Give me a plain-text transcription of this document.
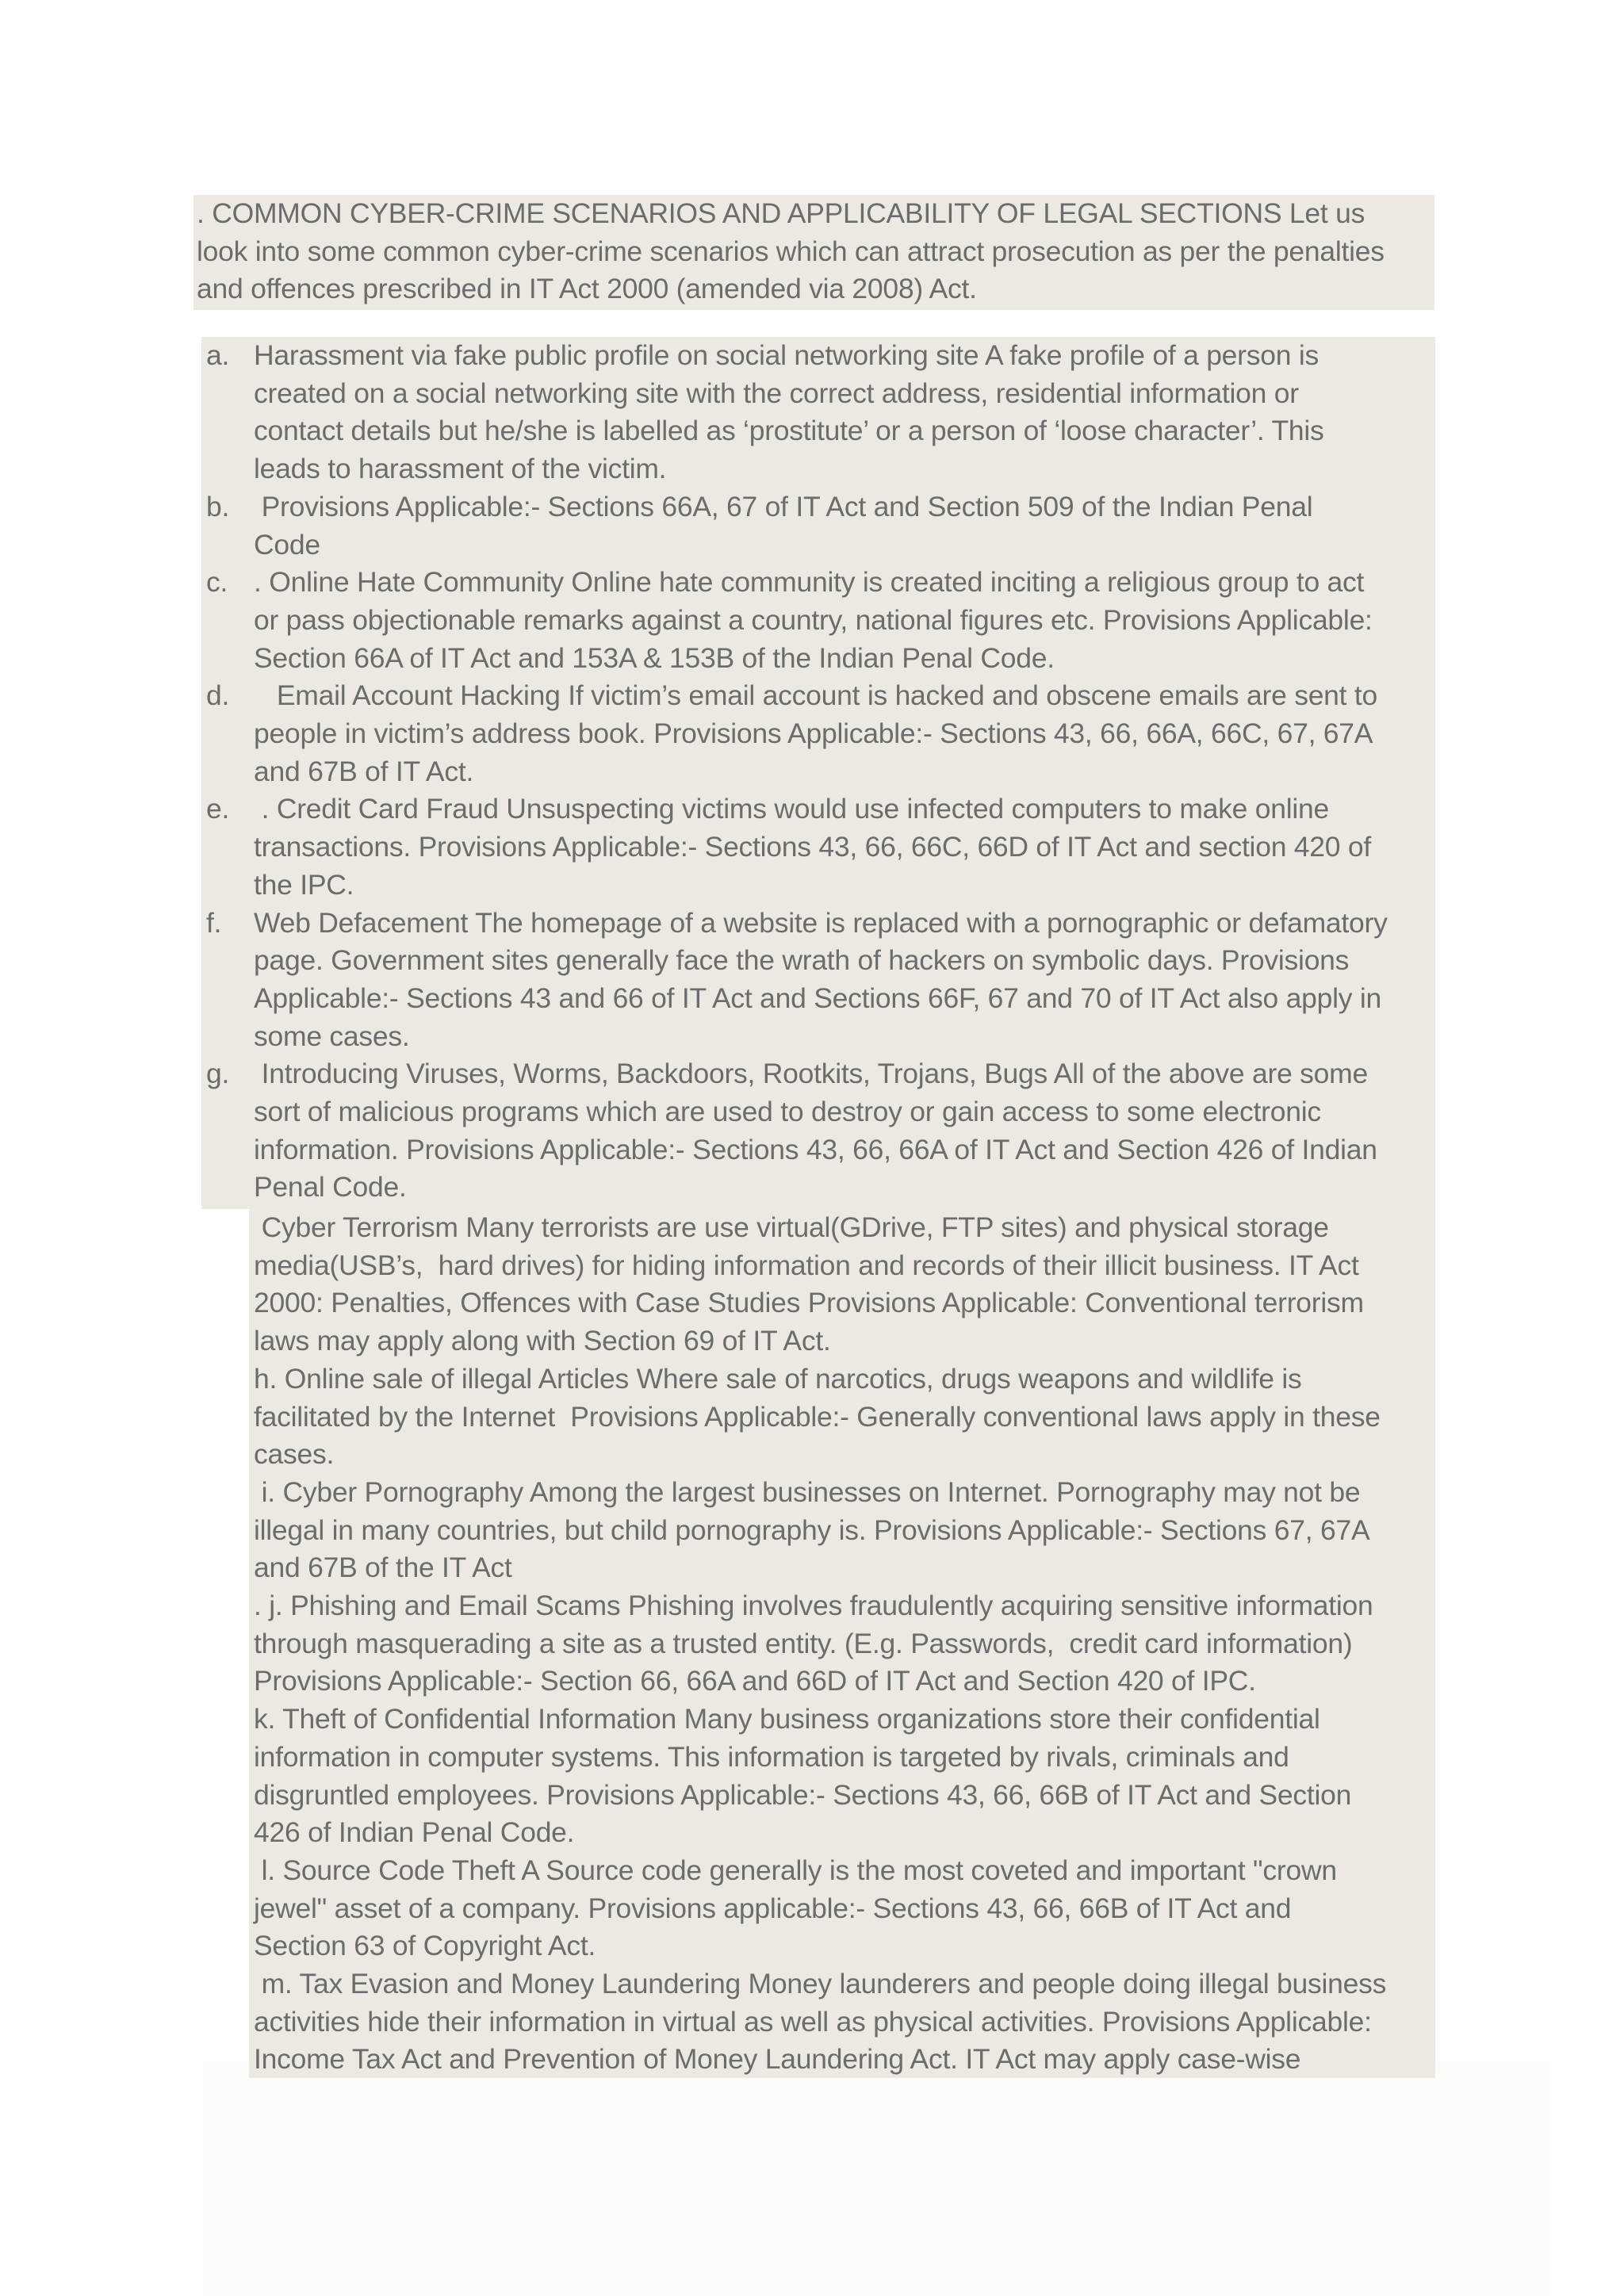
. COMMON CYBER-CRIME SCENARIOS AND APPLICABILITY OF LEGAL SECTIONS Let us
look into some common cyber-crime scenarios which can attract prosecution as per the penalties
and offences prescribed in IT Act 2000 (amended via 2008) Act.
a. Harassment via fake public profile on social networking site A fake profile of a person is
created on a social networking site with the correct address, residential information or
contact details but he/she is labelled as ‘prostitute’ or a person of ‘loose character’. This
leads to harassment of the victim.
b. Provisions Applicable:- Sections 66A, 67 of IT Act and Section 509 of the Indian Penal
Code
c. . Online Hate Community Online hate community is created inciting a religious group to act
or pass objectionable remarks against a country, national figures etc. Provisions Applicable:
Section 66A of IT Act and 153A & 153B of the Indian Penal Code.
d. Email Account Hacking If victim’s email account is hacked and obscene emails are sent to
people in victim’s address book. Provisions Applicable:- Sections 43, 66, 66A, 66C, 67, 67A
and 67B of IT Act.
e. . Credit Card Fraud Unsuspecting victims would use infected computers to make online
transactions. Provisions Applicable:- Sections 43, 66, 66C, 66D of IT Act and section 420 of
the IPC.
f.	Web Defacement The homepage of a website is replaced with a pornographic or defamatory
page. Government sites generally face the wrath of hackers on symbolic days. Provisions
Applicable:- Sections 43 and 66 of IT Act and Sections 66F, 67 and 70 of IT Act also apply in
some cases.
g. Introducing Viruses, Worms, Backdoors, Rootkits, Trojans, Bugs All of the above are some
sort of malicious programs which are used to destroy or gain access to some electronic
information. Provisions Applicable:- Sections 43, 66, 66A of IT Act and Section 426 of Indian
Penal Code.
Cyber Terrorism Many terrorists are use virtual(GDrive, FTP sites) and physical storage
media(USB’s,  hard drives) for hiding information and records of their illicit business. IT Act
2000: Penalties, Offences with Case Studies Provisions Applicable: Conventional terrorism
laws may apply along with Section 69 of IT Act.
h. Online sale of illegal Articles Where sale of narcotics, drugs weapons and wildlife is
facilitated by the Internet  Provisions Applicable:- Generally conventional laws apply in these
cases.
i. Cyber Pornography Among the largest businesses on Internet. Pornography may not be
illegal in many countries, but child pornography is. Provisions Applicable:- Sections 67, 67A
and 67B of the IT Act
. j. Phishing and Email Scams Phishing involves fraudulently acquiring sensitive information
through masquerading a site as a trusted entity. (E.g. Passwords,  credit card information)
Provisions Applicable:- Section 66, 66A and 66D of IT Act and Section 420 of IPC.
k. Theft of Confidential Information Many business organizations store their confidential
information in computer systems. This information is targeted by rivals, criminals and
disgruntled employees. Provisions Applicable:- Sections 43, 66, 66B of IT Act and Section
426 of Indian Penal Code.
l. Source Code Theft A Source code generally is the most coveted and important "crown
jewel" asset of a company. Provisions applicable:- Sections 43, 66, 66B of IT Act and
Section 63 of Copyright Act.
m. Tax Evasion and Money Laundering Money launderers and people doing illegal business
activities hide their information in virtual as well as physical activities. Provisions Applicable:
Income Tax Act and Prevention of Money Laundering Act. IT Act may apply case-wise
